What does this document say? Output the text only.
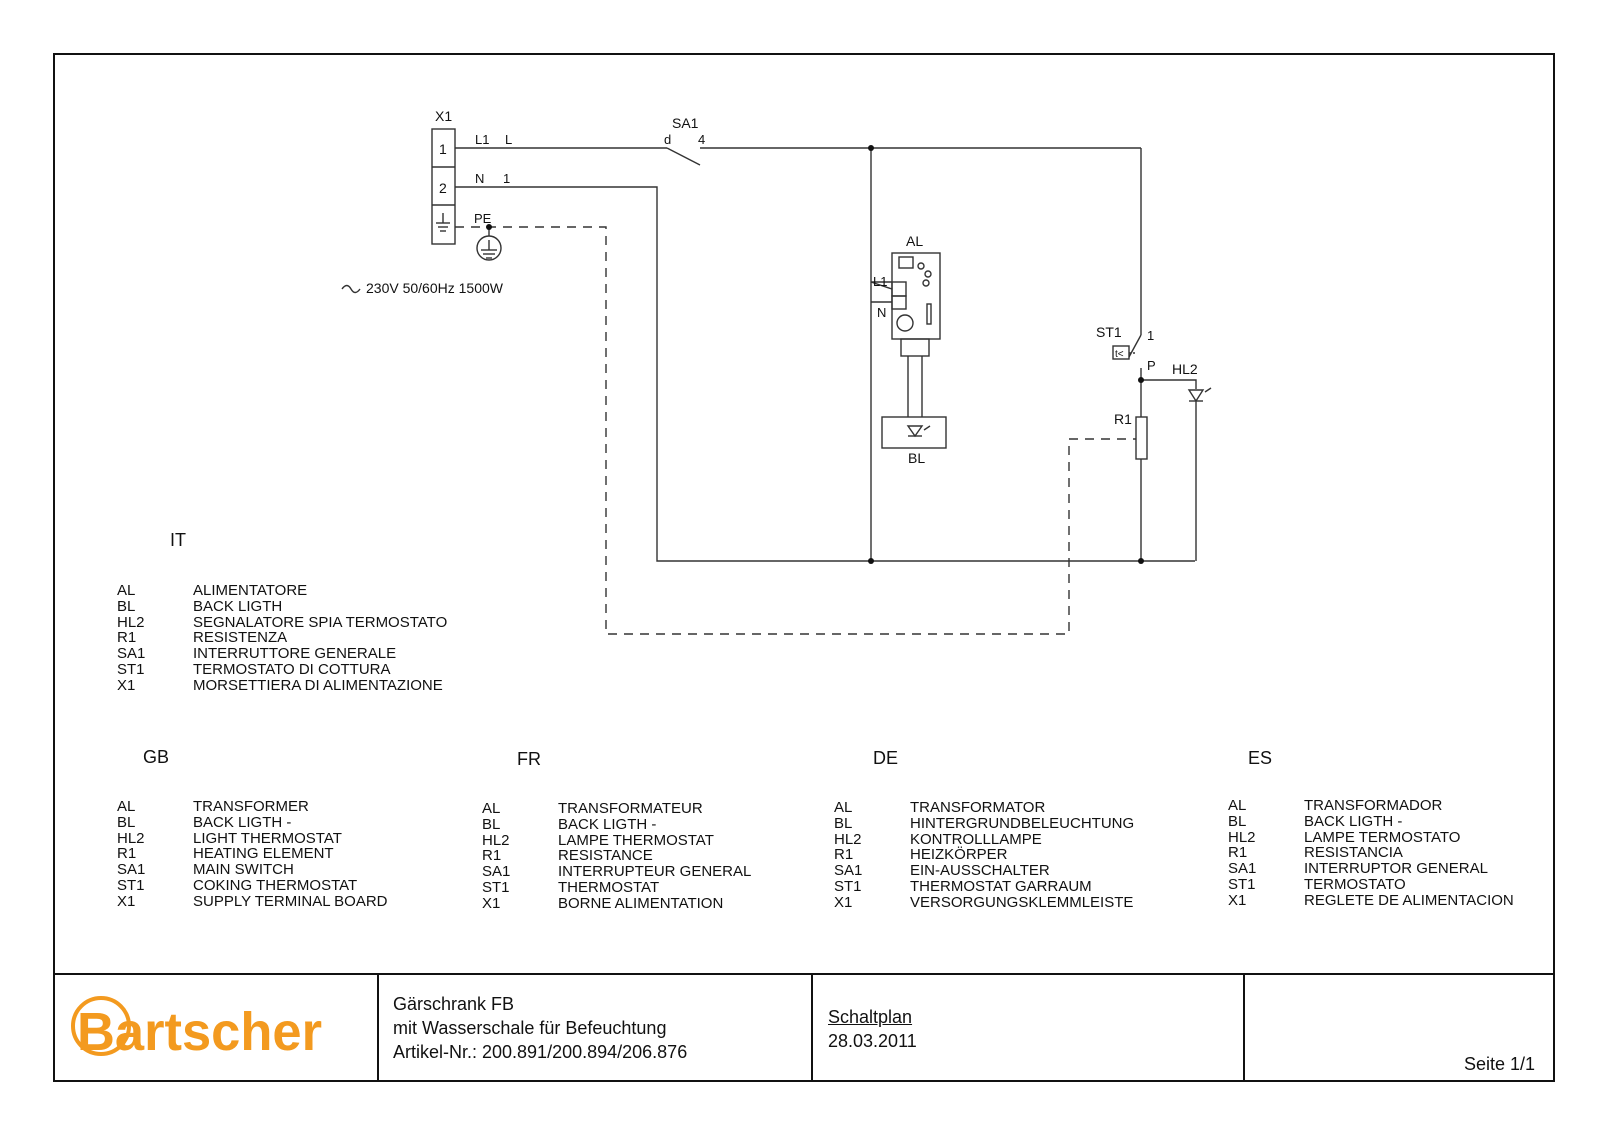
X1
1
2
L1 L
N 1
PE
230V 50/60Hz 1500W
SA1
d 4
AL
L1
N
BL
ST1 1
P
t<
HL2
R1
Bartscher
IT
AL	ALIMENTATORE
BL	BACK LIGTH
HL2	SEGNALATORE SPIA TERMOSTATO
R1	RESISTENZA
SA1	INTERRUTTORE GENERALE
ST1	TERMOSTATO DI COTTURA
X1	MORSETTIERA DI ALIMENTAZIONE
GB
AL	TRANSFORMER
BL	BACK LIGTH -
HL2	LIGHT THERMOSTAT
R1	HEATING ELEMENT
SA1	MAIN SWITCH
ST1	COKING THERMOSTAT
X1	SUPPLY TERMINAL BOARD
FR
AL	TRANSFORMATEUR
BL	BACK LIGTH -
HL2	LAMPE THERMOSTAT
R1	RESISTANCE
SA1	INTERRUPTEUR GENERAL
ST1	THERMOSTAT
X1	BORNE ALIMENTATION
DE
AL	TRANSFORMATOR
BL	HINTERGRUNDBELEUCHTUNG
HL2	KONTROLLLAMPE
R1	HEIZKÖRPER
SA1	EIN-AUSSCHALTER
ST1	THERMOSTAT GARRAUM
X1	VERSORGUNGSKLEMMLEISTE
ES
AL	TRANSFORMADOR
BL	BACK LIGTH -
HL2	LAMPE TERMOSTATO
R1	RESISTANCIA
SA1	INTERRUPTOR GENERAL
ST1	TERMOSTATO
X1	REGLETE DE ALIMENTACION
Gärschrank FB
mit Wasserschale für Befeuchtung
Artikel-Nr.: 200.891/200.894/206.876
Schaltplan
28.03.2011
Seite 1/1
